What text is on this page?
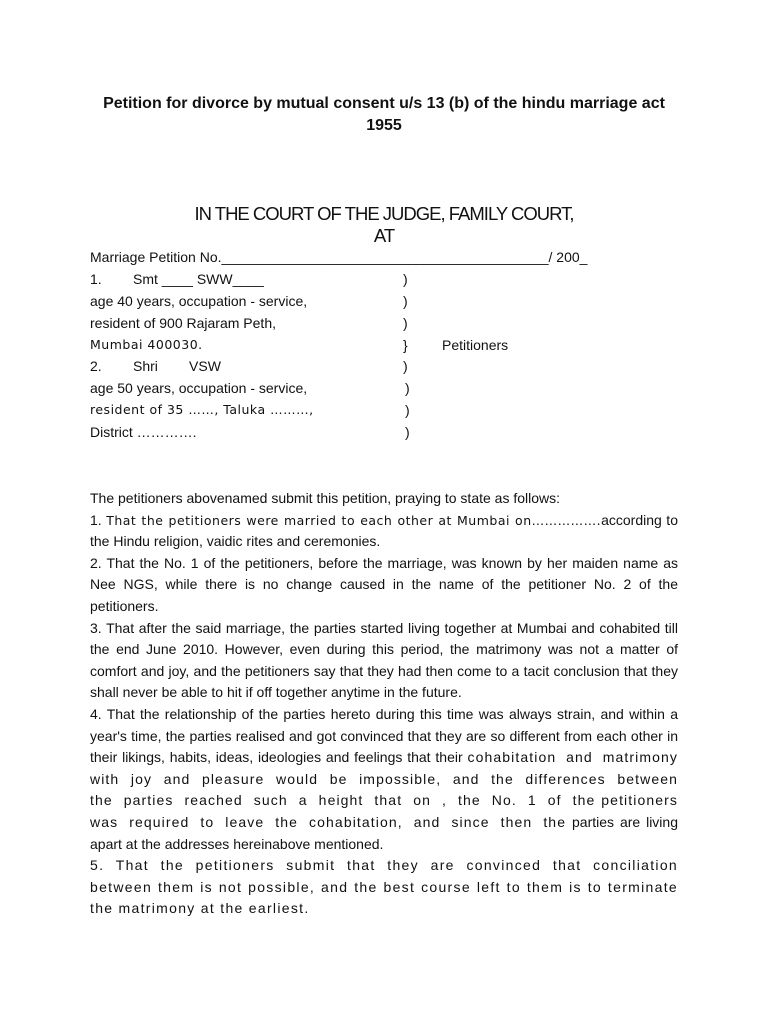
Petition for divorce by mutual consent u/s 13 (b) of the hindu marriage act
1955
IN THE COURT OF THE JUDGE, FAMILY COURT,
AT
Marriage Petition No.__________________________________________/ 200_
1. Smt ____ SWW____	)
age 40 years, occupation - service,	)
resident of 900 Rajaram Peth,	)
Mumbai 400030.	} Petitioners
2. Shri        VSW	)
age 50 years, occupation - service,	)
resident of 35 ……, Taluka ………,	)
District ………….	)

The petitioners abovenamed submit this petition, praying to state as follows:

1. That the petitioners were married to each other at Mumbai on…………….according to the Hindu religion, vaidic rites and ceremonies.

2. That the No. 1 of the petitioners, before the marriage, was known by her maiden name as Nee NGS, while there is no change caused in the name of the petitioner No. 2 of the petitioners.

3. That after the said marriage, the parties started living together at Mumbai and cohabited till the end June 2010. However, even during this period, the matrimony was not a matter of comfort and joy, and the petitioners say that they had then come to a tacit conclusion that they shall never be able to hit if off together anytime in the future.

4. That the relationship of the parties hereto during this time was always strain, and within a year's time, the parties realised and got convinced that they are so different from each other in their likings, habits, ideas, ideologies and feelings that their cohabitation and matrimony with joy and pleasure would be impossible, and the differences between the parties reached such a height that on , the No. 1 of the petitioners was required to leave the cohabitation, and since then the parties are living apart at the addresses hereinabove mentioned.

5. That the petitioners submit that they are convinced that conciliation between them is not possible, and the best course left to them is to terminate the matrimony at the earliest.
